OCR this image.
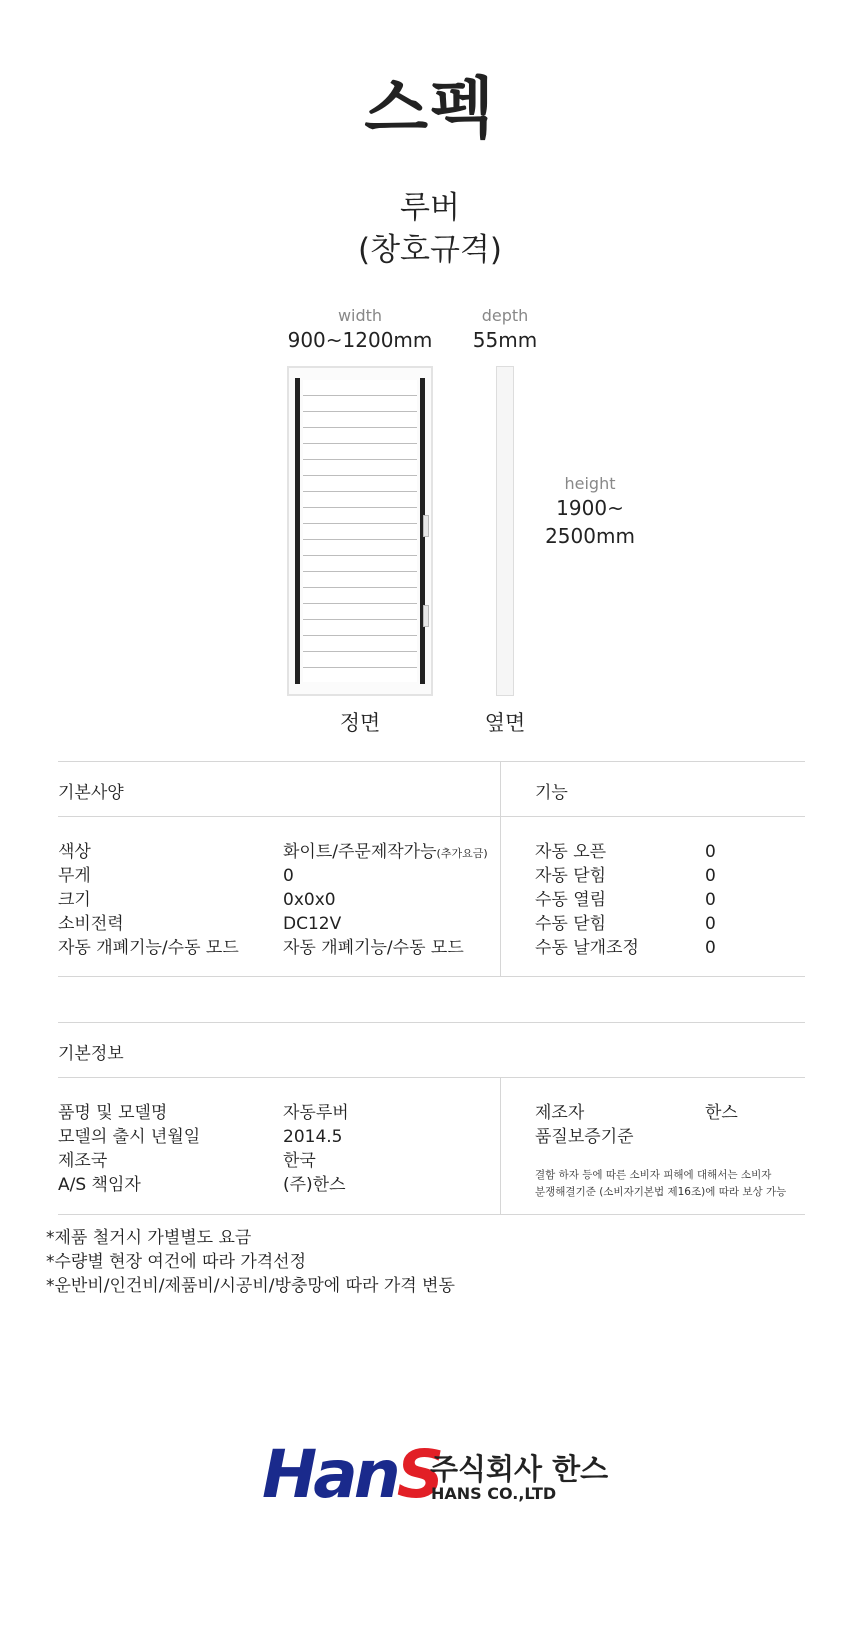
스펙
루버
(창호규격)
width
900~1200mm
depth
55mm
height
1900~
2500mm
정면	옆면
기본사양	기능
색상	화이트/주문제작가능(추가요금)
무게	0
크기	0x0x0
소비전력	DC12V
자동 개폐기능/수동 모드	자동 개폐기능/수동 모드
자동 오픈	0
자동 닫힘	0
수동 열림	0
수동 닫힘	0
수동 날개조정	0
기본정보
품명 및 모델명	자동루버
모델의 출시 년월일	2014.5
제조국	한국
A/S 책임자	(주)한스
제조자	한스
품질보증기준
결함 하자 등에 따른 소비자 피해에 대해서는 소비자
분쟁해결기준 (소비자기본법 제16조)에 따라 보상 가능
*제품 철거시 가별별도 요금
*수량별 현장 여건에 따라 가격선정
*운반비/인건비/제품비/시공비/방충망에 따라 가격 변동
HanS
주식회사 한스
HANS CO.,LTD
